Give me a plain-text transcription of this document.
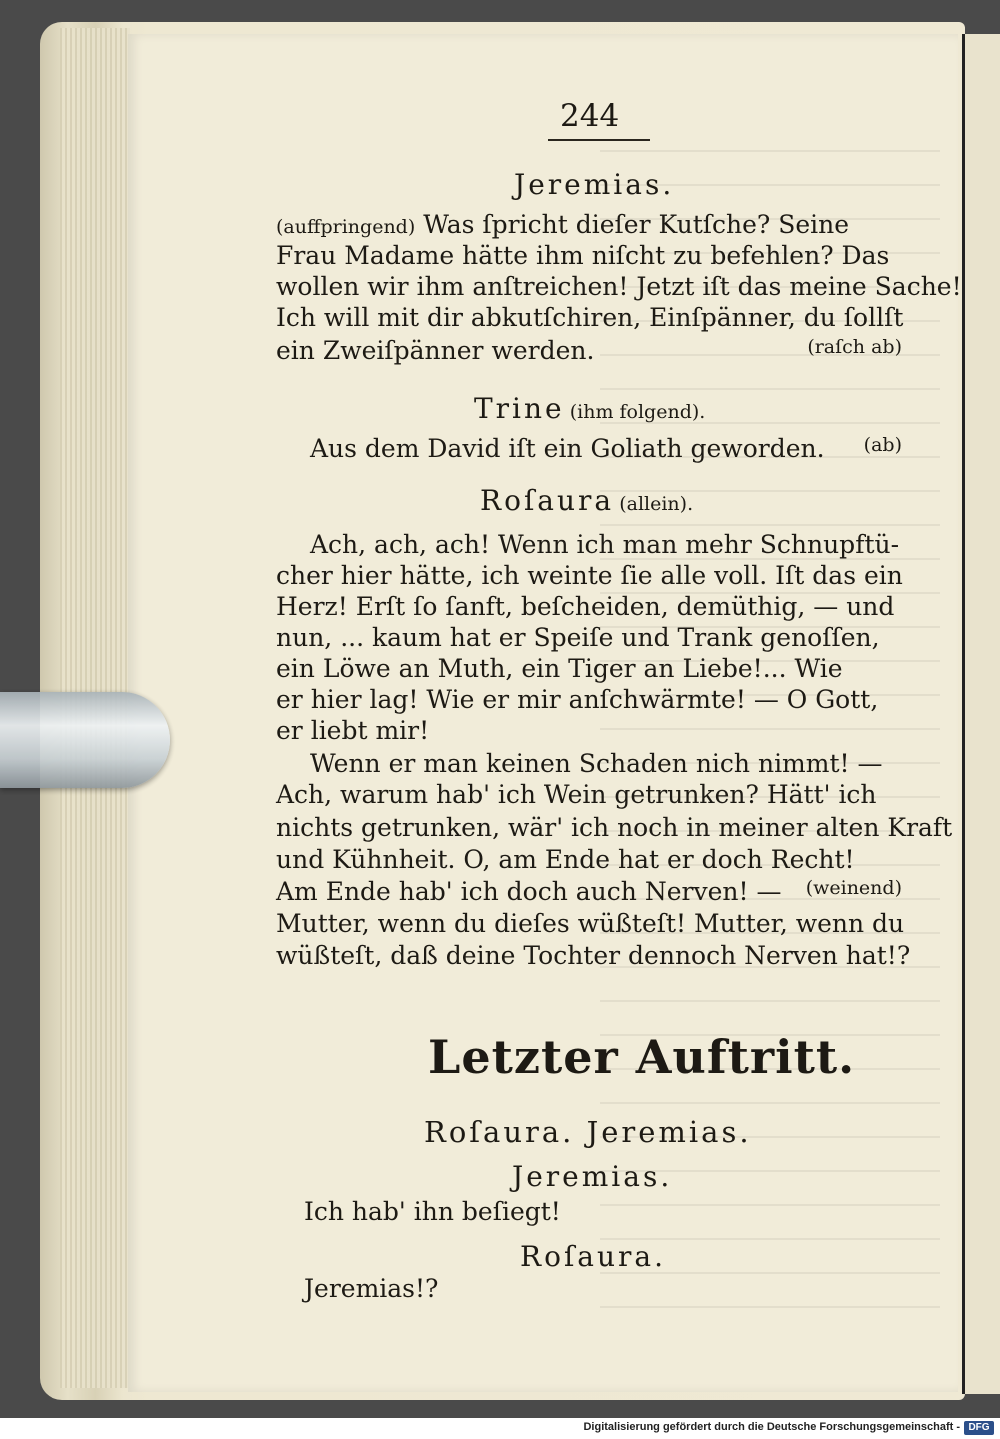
244
Jeremias.
(auffpringend) Was ſpricht dieſer Kutſche? Seine
Frau Madame hätte ihm niſcht zu befehlen? Das
wollen wir ihm anſtreichen! Jetzt iſt das meine Sache!
Ich will mit dir abkutſchiren, Einſpänner, du ſollſt
ein Zweiſpänner werden.	(raſch ab)
Trine (ihm folgend).
Aus dem David iſt ein Goliath geworden. (ab)
Roſaura (allein).
Ach, ach, ach! Wenn ich man mehr Schnupftü-
cher hier hätte, ich weinte ſie alle voll. Iſt das ein
Herz! Erſt ſo ſanft, beſcheiden, demüthig, — und
nun, ... kaum hat er Speiſe und Trank genoſſen,
ein Löwe an Muth, ein Tiger an Liebe!... Wie
er hier lag! Wie er mir anſchwärmte! — O Gott,
er liebt mir!
Wenn er man keinen Schaden nich nimmt! —
Ach, warum hab' ich Wein getrunken? Hätt' ich
nichts getrunken, wär' ich noch in meiner alten Kraft
und Kühnheit. O, am Ende hat er doch Recht!
Am Ende hab' ich doch auch Nerven! — (weinend)
Mutter, wenn du dieſes wüßteſt! Mutter, wenn du
wüßteſt, daß deine Tochter dennoch Nerven hat!?
Letzter Auftritt.
Roſaura. Jeremias.
Jeremias.
Ich hab' ihn beſiegt!
Roſaura.
Jeremias!?
Digitalisierung gefördert durch die Deutsche Forschungsgemeinschaft - DFG
